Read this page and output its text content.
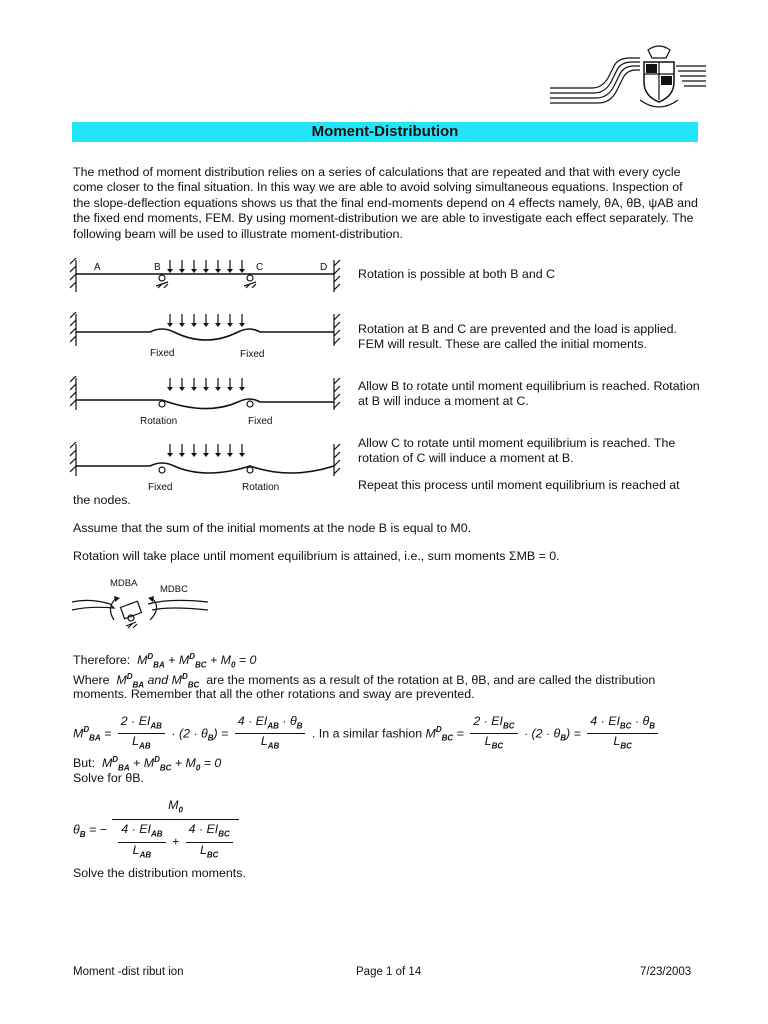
Moment-Distribution
The method of moment distribution relies on a series of calculations that are repeated and that with every cycle come closer to the final situation. In this way we are able to avoid solving simultaneous equations. Inspection of the slope-deflection equations shows us that the final end-moments depend on 4 effects namely, θA, θB, ψAB and the fixed end moments, FEM. By using moment-distribution we are able to investigate each effect separately. The following beam will be used to illustrate moment-distribution.
A	B	C	D Rotation is possible at both B and C
Fixed	Fixed
Rotation at B and C are prevented and the load is applied. FEM will result. These are called the initial moments.
Rotation	Fixed
Allow B to rotate until moment equilibrium is reached. Rotation at B will induce a moment at C.
Fixed	Rotation
Allow C to rotate until moment equilibrium is reached. The rotation of C will induce a moment at B.
Repeat this process until moment equilibrium is reached at
the nodes.
Assume that the sum of the initial moments at the node B is equal to M0.
Rotation will take place until moment equilibrium is attained, i.e., sum moments ΣMB = 0.
MDBA
MDBC
Therefore: $M^D_{BA} + M^D_{BC} + M_0 = 0$
Where $M^D_{BA}$ and $M^D_{BC}$ are the moments as a result of the rotation at B, θB, and are called the distribution
moments. Remember that all the other rotations and sway are prevented.
$M^D_{BA} = \frac{2 \cdot EI_{AB}}{L_{AB}} \cdot (2 \cdot \theta_B) = \frac{4 \cdot EI_{AB} \cdot \theta_B}{L_{AB}}$ . In a similar fashion $M^D_{BC} = \frac{2 \cdot EI_{BC}}{L_{BC}} \cdot (2 \cdot \theta_B) = \frac{4 \cdot EI_{BC} \cdot \theta_B}{L_{BC}}$
But: $M^D_{BA} + M^D_{BC} + M_0 = 0$
Solve for θB.
$\theta_B$ = − $\frac{M_0}{\frac{4 \cdot EI_{AB}}{L_{AB}} + \frac{4 \cdot EI_{BC}}{L_{BC}}}$
Solve the distribution moments.
Moment -dist ribut ion	Page 1 of 14	7/23/2003
